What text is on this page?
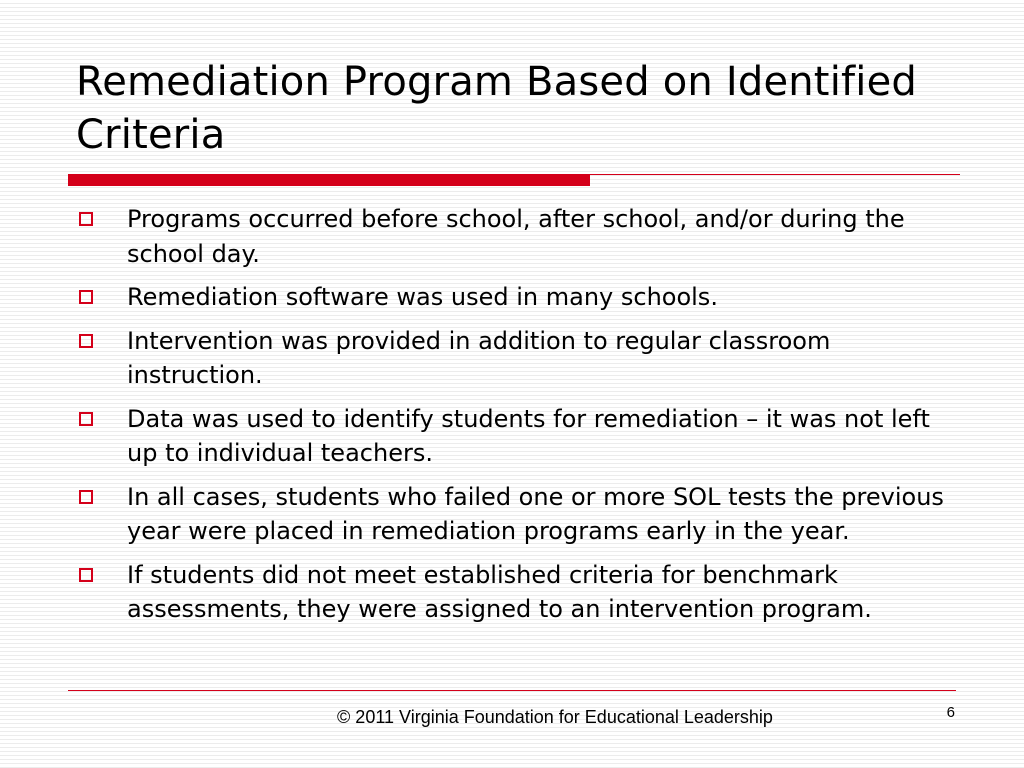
Remediation Program Based on Identified Criteria
Programs occurred before school, after school, and/or during the school day.
Remediation software was used in many schools.
Intervention was provided in addition to regular classroom instruction.
Data was used to identify students for remediation – it was not left up to individual teachers.
In all cases, students who failed one or more SOL tests the previous year were placed in remediation programs early in the year.
If students did not meet established criteria for benchmark assessments, they were assigned to an intervention program.
© 2011 Virginia Foundation for Educational Leadership	6
